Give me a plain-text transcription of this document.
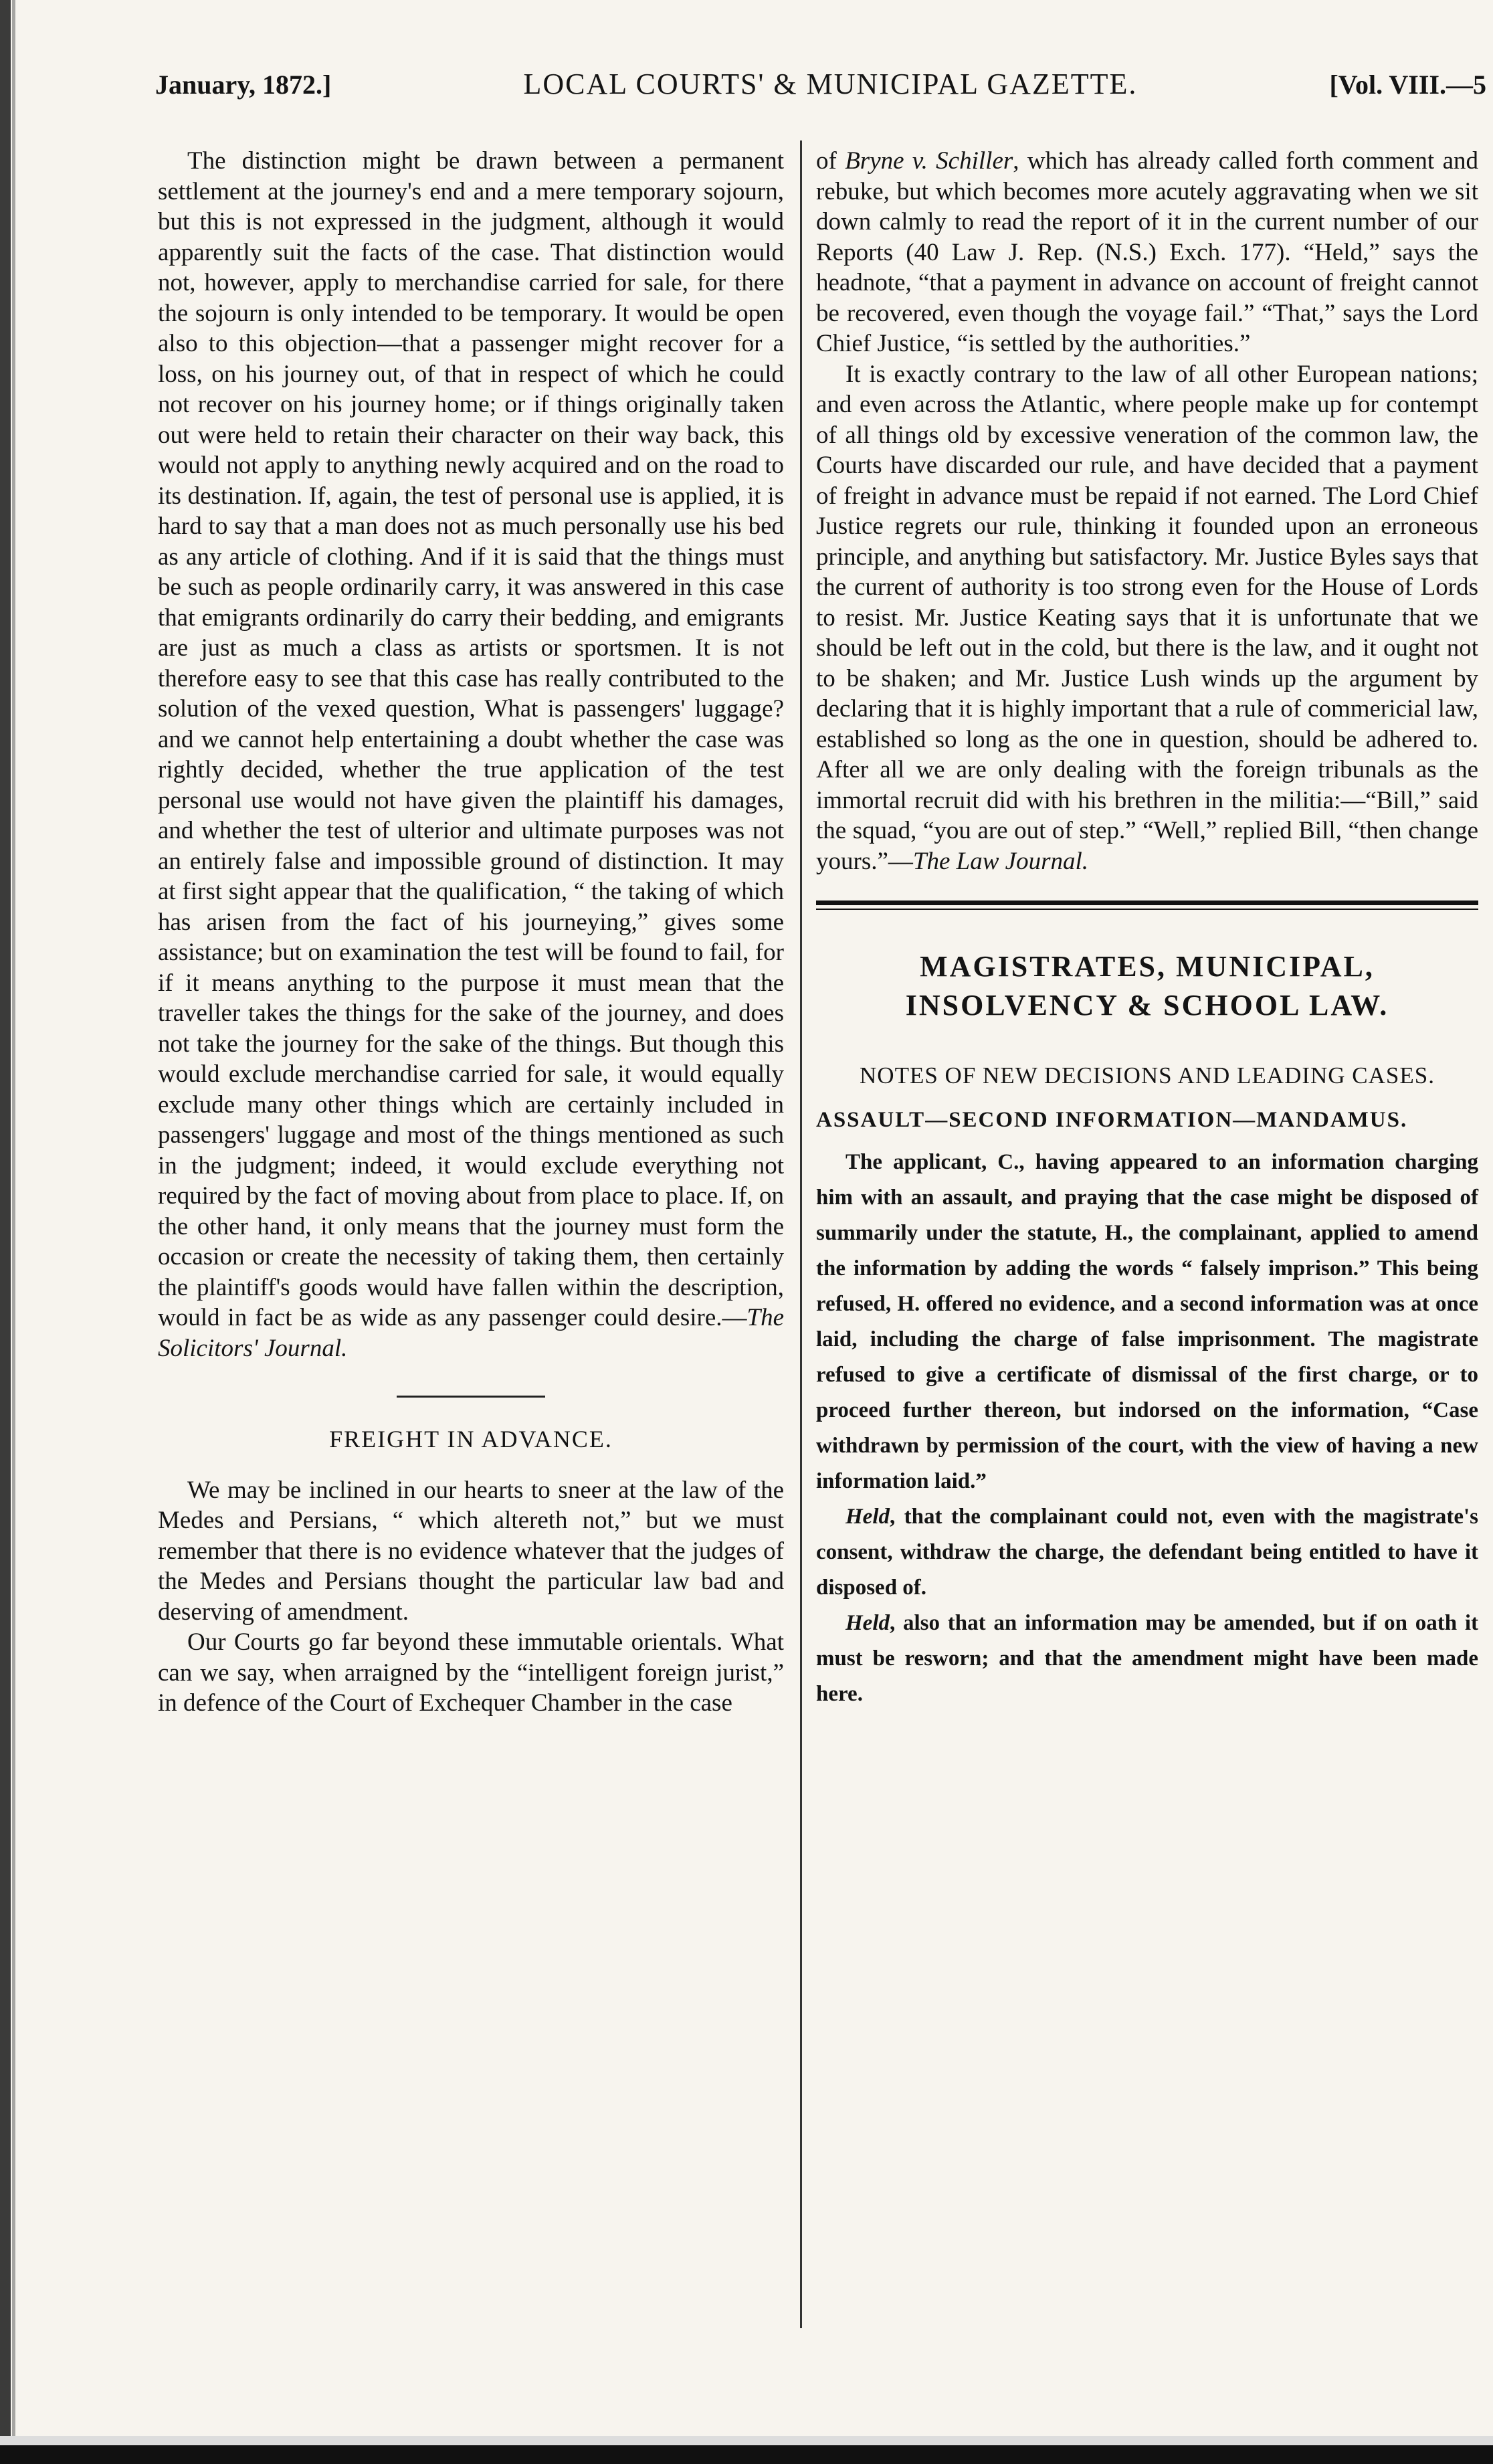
January, 1872.]	LOCAL COURTS' & MUNICIPAL GAZETTE.	[Vol. VIII.—5

The distinction might be drawn between a permanent settlement at the journey's end and a mere temporary sojourn, but this is not expressed in the judgment, although it would apparently suit the facts of the case. That distinction would not, however, apply to merchandise carried for sale, for there the sojourn is only intended to be temporary. It would be open also to this objection—that a passenger might recover for a loss, on his journey out, of that in respect of which he could not recover on his journey home; or if things originally taken out were held to retain their character on their way back, this would not apply to anything newly acquired and on the road to its destination. If, again, the test of personal use is applied, it is hard to say that a man does not as much personally use his bed as any article of clothing. And if it is said that the things must be such as people ordinarily carry, it was answered in this case that emigrants ordinarily do carry their bedding, and emigrants are just as much a class as artists or sportsmen. It is not therefore easy to see that this case has really contributed to the solution of the vexed question, What is passengers' luggage? and we cannot help entertaining a doubt whether the case was rightly decided, whether the true application of the test personal use would not have given the plaintiff his damages, and whether the test of ulterior and ultimate purposes was not an entirely false and impossible ground of distinction. It may at first sight appear that the qualification, “ the taking of which has arisen from the fact of his journeying,” gives some assistance; but on examination the test will be found to fail, for if it means anything to the purpose it must mean that the traveller takes the things for the sake of the journey, and does not take the journey for the sake of the things. But though this would exclude merchandise carried for sale, it would equally exclude many other things which are certainly included in passengers' luggage and most of the things mentioned as such in the judgment; indeed, it would exclude everything not required by the fact of moving about from place to place. If, on the other hand, it only means that the journey must form the occasion or create the necessity of taking them, then certainly the plaintiff's goods would have fallen within the description, would in fact be as wide as any passenger could desire.—The Solicitors' Journal.

FREIGHT IN ADVANCE.

We may be inclined in our hearts to sneer at the law of the Medes and Persians, “ which altereth not,” but we must remember that there is no evidence whatever that the judges of the Medes and Persians thought the particular law bad and deserving of amendment.

Our Courts go far beyond these immutable orientals. What can we say, when arraigned by the “intelligent foreign jurist,” in defence of the Court of Exchequer Chamber in the case

of Bryne v. Schiller, which has already called forth comment and rebuke, but which becomes more acutely aggravating when we sit down calmly to read the report of it in the current number of our Reports (40 Law J. Rep. (N.S.) Exch. 177). “Held,” says the headnote, “that a payment in advance on account of freight cannot be recovered, even though the voyage fail.” “That,” says the Lord Chief Justice, “is settled by the authorities.”

It is exactly contrary to the law of all other European nations; and even across the Atlantic, where people make up for contempt of all things old by excessive veneration of the common law, the Courts have discarded our rule, and have decided that a payment of freight in advance must be repaid if not earned. The Lord Chief Justice regrets our rule, thinking it founded upon an erroneous principle, and anything but satisfactory. Mr. Justice Byles says that the current of authority is too strong even for the House of Lords to resist. Mr. Justice Keating says that it is unfortunate that we should be left out in the cold, but there is the law, and it ought not to be shaken; and Mr. Justice Lush winds up the argument by declaring that it is highly important that a rule of commericial law, established so long as the one in question, should be adhered to. After all we are only dealing with the foreign tribunals as the immortal recruit did with his brethren in the militia:—“Bill,” said the squad, “you are out of step.” “Well,” replied Bill, “then change yours.”—The Law Journal.

MAGISTRATES, MUNICIPAL,
INSOLVENCY & SCHOOL LAW.
NOTES OF NEW DECISIONS AND LEADING CASES.

ASSAULT—SECOND INFORMATION—MANDAMUS.

The applicant, C., having appeared to an information charging him with an assault, and praying that the case might be disposed of summarily under the statute, H., the complainant, applied to amend the information by adding the words “ falsely imprison.” This being refused, H. offered no evidence, and a second information was at once laid, including the charge of false imprisonment. The magistrate refused to give a certificate of dismissal of the first charge, or to proceed further thereon, but indorsed on the information, “Case withdrawn by permission of the court, with the view of having a new information laid.”

Held, that the complainant could not, even with the magistrate's consent, withdraw the charge, the defendant being entitled to have it disposed of.

Held, also that an information may be amended, but if on oath it must be resworn; and that the amendment might have been made here.
